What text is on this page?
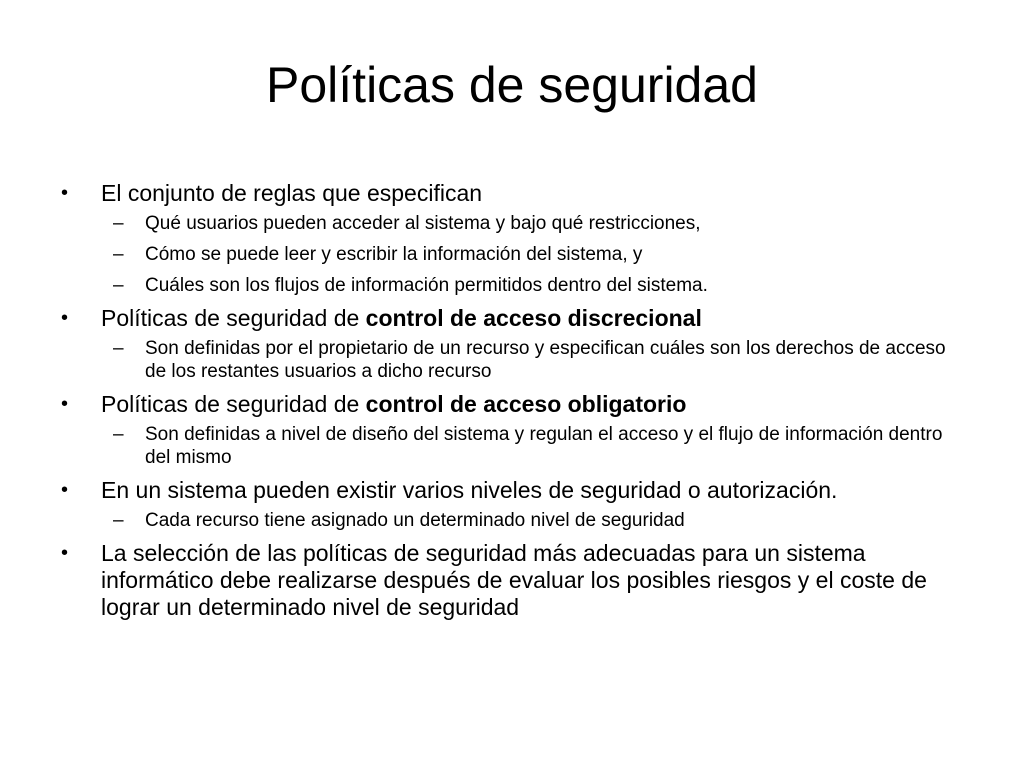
Políticas de seguridad
• El conjunto de reglas que especifican
– Qué usuarios pueden acceder al sistema y bajo qué restricciones,
– Cómo se puede leer y escribir la información del sistema, y
– Cuáles son los flujos de información permitidos dentro del sistema.
• Políticas de seguridad de control de acceso discrecional
– Son definidas por el propietario de un recurso y especifican cuáles son los derechos de acceso de los restantes usuarios a dicho recurso
• Políticas de seguridad de control de acceso obligatorio
– Son definidas a nivel de diseño del sistema y regulan el acceso y el flujo de información dentro del mismo
• En un sistema pueden existir varios niveles de seguridad o autorización.
– Cada recurso tiene asignado un determinado nivel de seguridad
• La selección de las políticas de seguridad más adecuadas para un sistema informático debe realizarse después de evaluar los posibles riesgos y el coste de lograr un determinado nivel de seguridad
